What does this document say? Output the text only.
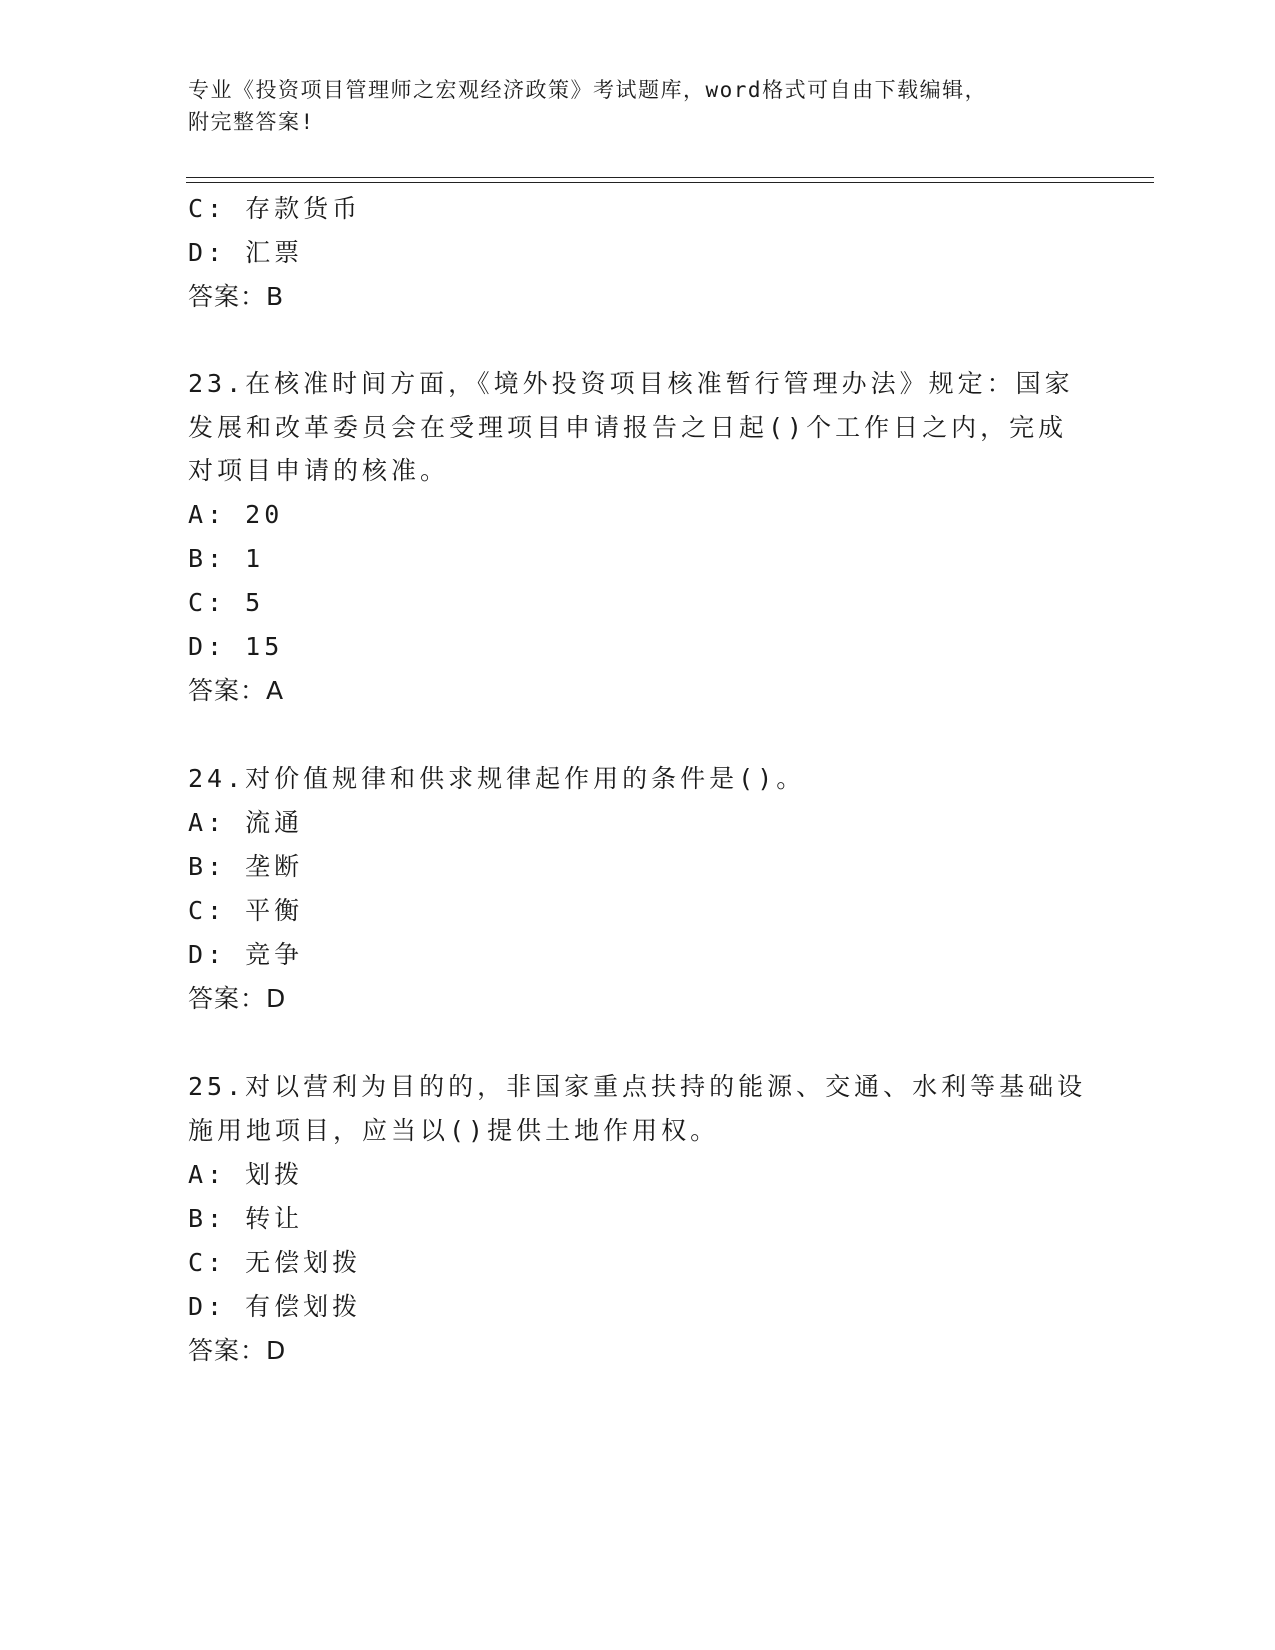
专业《投资项目管理师之宏观经济政策》考试题库，word格式可自由下载编辑，
附完整答案!
C: 存款货币
D: 汇票
答案：B
23.在核准时间方面，《境外投资项目核准暂行管理办法》规定：国家
发展和改革委员会在受理项目申请报告之日起()个工作日之内，完成
对项目申请的核准。
A: 20
B: 1
C: 5
D: 15
答案：A
24.对价值规律和供求规律起作用的条件是()。
A: 流通
B: 垄断
C: 平衡
D: 竞争
答案：D
25.对以营利为目的的，非国家重点扶持的能源、交通、水利等基础设
施用地项目，应当以()提供土地作用权。
A: 划拨
B: 转让
C: 无偿划拨
D: 有偿划拨
答案：D
